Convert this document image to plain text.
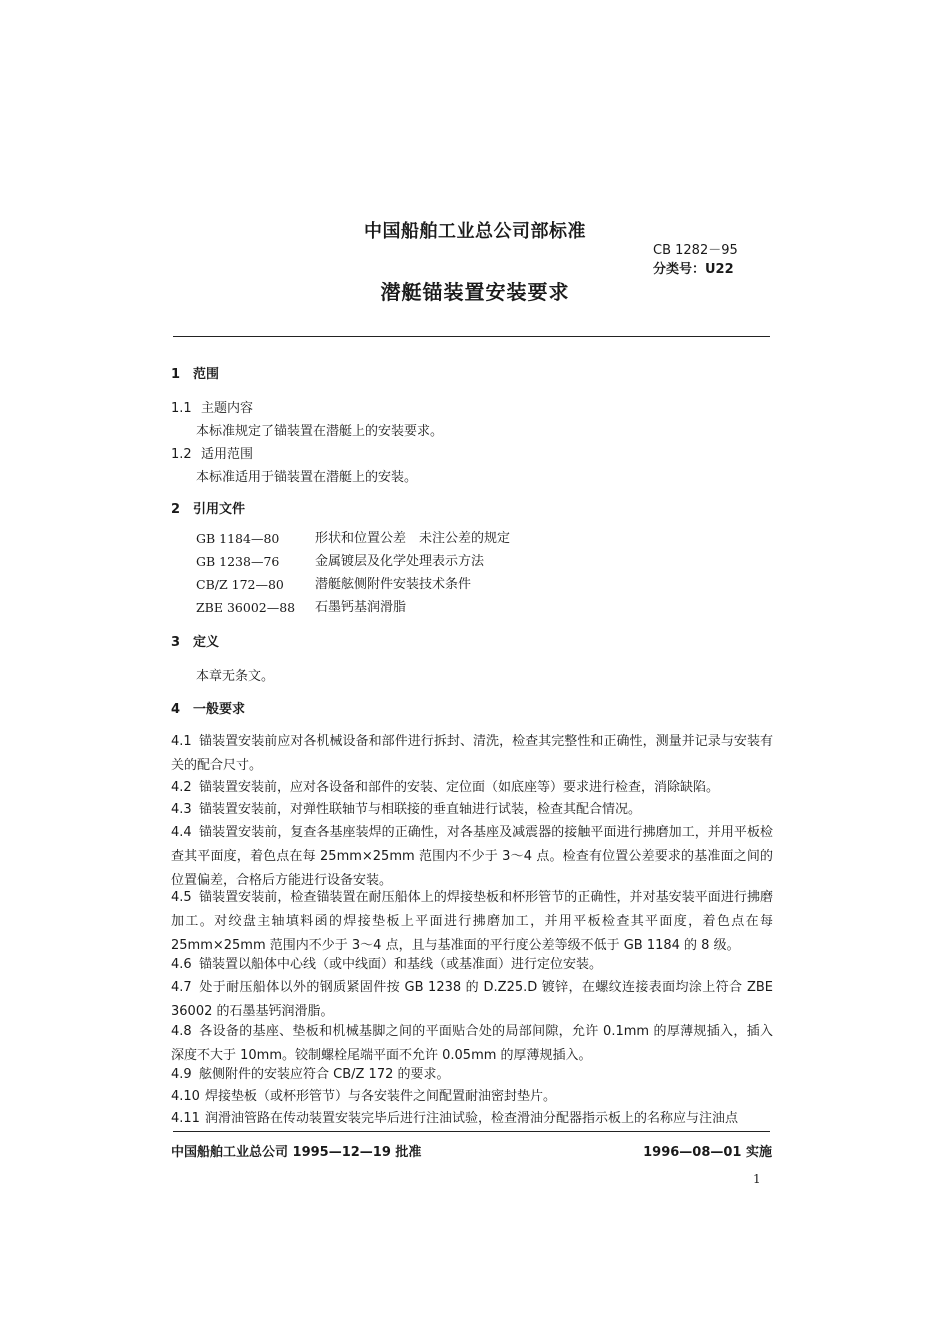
中国船舶工业总公司部标准
CB 1282－95
分类号：U22
潜艇锚装置安装要求
1 范围
1.1 主题内容
本标准规定了锚装置在潜艇上的安装要求。
1.2 适用范围
本标准适用于锚装置在潜艇上的安装。
2 引用文件
GB 1184—80	形状和位置公差　未注公差的规定
GB 1238—76	金属镀层及化学处理表示方法
CB/Z 172—80	潜艇舷侧附件安装技术条件
ZBE 36002—88	石墨钙基润滑脂
3 定义
本章无条文。
4 一般要求
4.1 锚装置安装前应对各机械设备和部件进行拆封、清洗，检查其完整性和正确性，测量并记录与安装有关的配合尺寸。
4.2 锚装置安装前，应对各设备和部件的安装、定位面（如底座等）要求进行检查，消除缺陷。
4.3 锚装置安装前，对弹性联轴节与相联接的垂直轴进行试装，检查其配合情况。
4.4 锚装置安装前，复查各基座装焊的正确性，对各基座及减震器的接触平面进行拂磨加工，并用平板检查其平面度，着色点在每 25mm×25mm 范围内不少于 3～4 点。检查有位置公差要求的基准面之间的位置偏差，合格后方能进行设备安装。
4.5 锚装置安装前，检查锚装置在耐压船体上的焊接垫板和杯形管节的正确性，并对基安装平面进行拂磨加工。对绞盘主轴填料函的焊接垫板上平面进行拂磨加工，并用平板检查其平面度，着色点在每 25mm×25mm 范围内不少于 3～4 点，且与基准面的平行度公差等级不低于 GB 1184 的 8 级。
4.6 锚装置以船体中心线（或中线面）和基线（或基准面）进行定位安装。
4.7 处于耐压船体以外的钢质紧固件按 GB 1238 的 D.Z25.D 镀锌，在螺纹连接表面均涂上符合 ZBE 36002 的石墨基钙润滑脂。
4.8 各设备的基座、垫板和机械基脚之间的平面贴合处的局部间隙，允许 0.1mm 的厚薄规插入，插入深度不大于 10mm。铰制螺栓尾端平面不允许 0.05mm 的厚薄规插入。
4.9 舷侧附件的安装应符合 CB/Z 172 的要求。
4.10 焊接垫板（或杯形管节）与各安装件之间配置耐油密封垫片。
4.11 润滑油管路在传动装置安装完毕后进行注油试验，检查滑油分配器指示板上的名称应与注油点
中国船舶工业总公司 1995—12—19 批准	1996—08—01 实施
1
